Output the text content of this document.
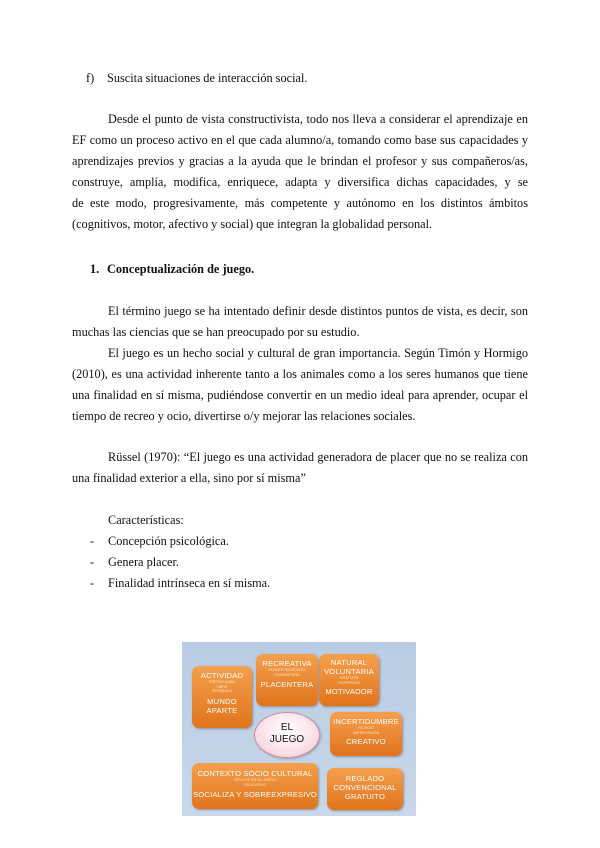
f) Suscita situaciones de interacción social.
Desde el punto de vista constructivista, todo nos lleva a considerar el aprendizaje en
EF como un proceso activo en el que cada alumno/a, tomando como base sus capacidades y
aprendizajes previos y gracias a la ayuda que le brindan el profesor y sus compañeros/as,
construye, amplía, modifica, enriquece, adapta y diversifica dichas capacidades, y se
de este modo, progresivamente, más competente y autónomo en los distintos ámbitos
(cognitivos, motor, afectivo y social) que integran la globalidad personal.
1. Conceptualización de juego.
El término juego se ha intentado definir desde distintos puntos de vista, es decir, son
muchas las ciencias que se han preocupado por su estudio.
El juego es un hecho social y cultural de gran importancia. Según Timón y Hormigo
(2010), es una actividad inherente tanto a los animales como a los seres humanos que tiene
una finalidad en sí misma, pudiéndose convertir en un medio ideal para aprender, ocupar el
tiempo de recreo y ocio, divertirse o/y mejorar las relaciones sociales.
Rüssel (1970): “El juego es una actividad generadora de placer que no se realiza con
una finalidad exterior a ella, sino por sí misma”
Características:
- Concepción psicológica.
- Genera placer.
- Finalidad intrínseca en sí misma.
ACTIVIDAD
ESPONTÁNEA
LIBRE
SEPARADA
MUNDO
APARTE
RECREATIVA
PLACER INMEDIATO
PLACENTERA
PLACENTERA
NATURAL
VOLUNTARIA
GRATUITA
EXPRESIVA
MOTIVADOR
EL
JUEGO
INCERTIDUMBRE
FICTICIO
IMPROVISADA
CREATIVO
CONTEXTO SOCIO CULTURAL
INFLUYE EN EL JUEGO
EDUCATIVO
SOCIALIZA Y SOBREEXPRESIVO
REGLADO
CONVENCIONAL
GRATUITO
